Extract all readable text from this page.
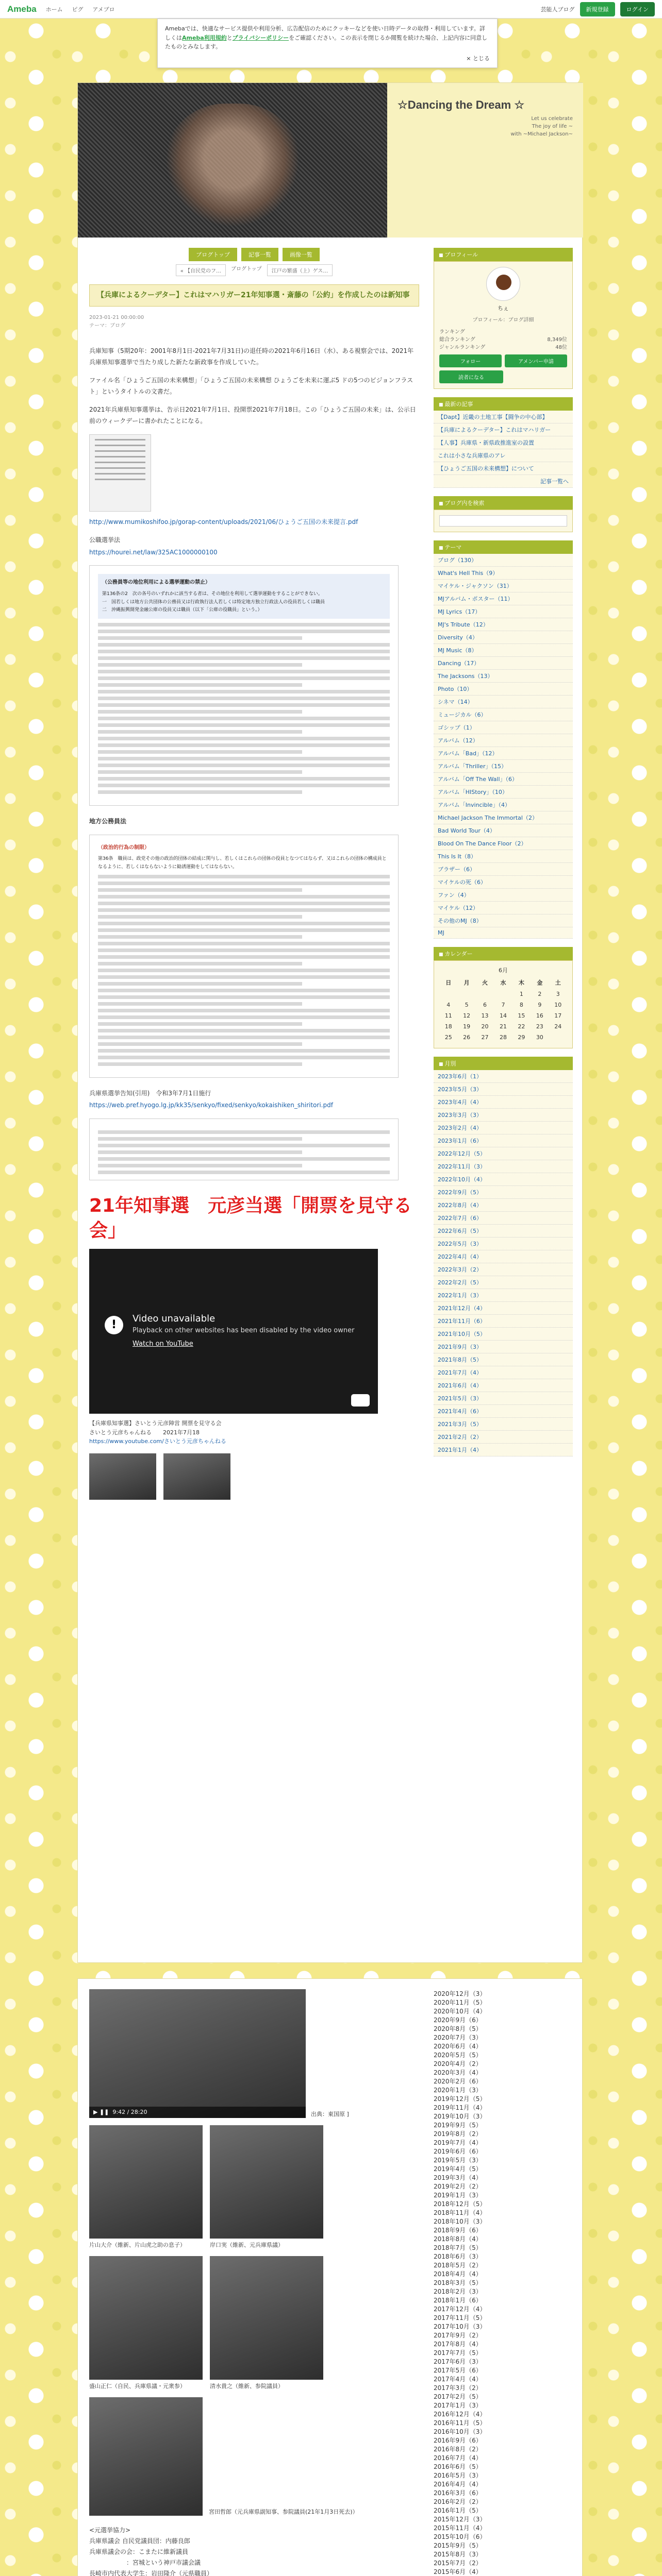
Ameba ホーム ピグ アメブロ	芸能人ブログ	新規登録	ログイン
Amebaでは、快適なサービス提供や利用分析、広告配信のためにクッキーなどを使い日時データの取得・利用しています。詳しくはAmeba利用規約とプライバシーポリシーをご確認ください。この表示を閉じるか閲覧を続けた場合、上記内容に同意したものとみなします。
× とじる
☆Dancing the Dream ☆
Let us celebrate
The joy of life ~
with ~Michael Jackson~
ブログトップ	記事一覧	画像一覧
« 【自民党のフ…	ブログトップ	江戸の繁盛（上）ゲス…
【兵庫によるクーデター】これはマハリガー21年知事選・斎藤の「公約」を作成したのは新知事
2023-01-21 00:00:00
テーマ：ブログ

兵庫知事（5期20年：2001年8月1日-2021年7月31日)の退任時の2021年6月16日（水）、ある視察会では、2021年兵庫県知事選挙で当たり成した新たな新政事を作成していた。

ファイル名「ひょうご五国の未来構想」「ひょうご五国の未来構想 ひょうごを未来に運ぶ5 ドの5つのビジョンフラスト」というタイトルの文書だ。

2021年兵庫県知事選挙は、告示日2021年7月1日、投開票2021年7月18日。この「ひょうご五国の未来」は、公示日前のウィークデーに書かれたことになる。

http://www.mumikoshifoo.jp/gorap-content/uploads/2021/06/ひょうご五国の未来提言.pdf

公職選挙法

https://hourei.net/law/325AC1000000100

（公務員等の地位利用による選挙運動の禁止）
第136条の2　次の各号のいずれかに該当する者は、その地位を利用して選挙運動をすることができない。
一　国若しくは地方公共団体の公務員又は行政執行法人若しくは特定地方独立行政法人の役員若しくは職員
二　沖縄振興開発金融公庫の役員又は職員（以下「公庫の役職員」という。）

地方公務員法

（政治的行為の制限）
第36条　職員は、政党その他の政治的団体の結成に関与し、若しくはこれらの団体の役員となつてはならず、又はこれらの団体の構成員となるように、若しくはならないように勧誘運動をしてはならない。

兵庫県選挙告知(引用)　令和3年7月1日施行

https://web.pref.hyogo.lg.jp/kk35/senkyo/fixed/senkyo/kokaishiken_shiritori.pdf

21年知事選　元彦当選「開票を見守る会」
!	Video unavailable
Playback on other websites has been disabled by the video owner
Watch on YouTube

【兵庫県知事選】さいとう元彦陣営 開票を見守る会
さいとう元彦ちゃんねる　　2021年7月18
https://www.youtube.com/さいとう元彦ちゃんねる

■ プロフィール
ちぇ
プロフィール：ブログ詳細
ランキング
総合ランキング	8,349位
ジャンルランキング	48位
フォロー	アメンバー申請
読者になる
■ 最新の記事
【Dapt】近畿の土地工事【闘争の中心部】
【兵庫によるクーデター】これはマハリガー
【人事】兵庫県・新県政推進室の設置
これは小さな兵庫県のアレ
【ひょうご五国の未来構想】について
記事一覧へ
■ ブログ内を検索
■ テーマ
ブログ（130）
What's Hell This（9）
マイケル・ジャクソン（31）
MJアルバム・ポスター（11）
MJ Lyrics（17）
MJ's Tribute（12）
Diversity（4）
MJ Music（8）
Dancing（17）
The Jacksons（13）
Photo（10）
シネマ（14）
ミュージカル（6）
ゴシップ（1）
アルバム（12）
アルバム「Bad」（12）
アルバム「Thriller」（15）
アルバム「Off The Wall」（6）
アルバム「HIStory」（10）
アルバム「Invincible」（4）
Michael Jackson The Immortal（2）
Bad World Tour（4）
Blood On The Dance Floor（2）
This Is It（8）
ブラザー（6）
マイケルの死（6）
ファン（4）
マイケル（12）
その他のMJ（8）
MJ
■ カレンダー
6月
日	月	火	水	木	金	土
				1	2	3
4	5	6	7	8	9	10
11	12	13	14	15	16	17
18	19	20	21	22	23	24
25	26	27	28	29	30	
■ 月別
2023年6月（1）
2023年5月（3）
2023年4月（4）
2023年3月（3）
2023年2月（4）
2023年1月（6）
2022年12月（5）
2022年11月（3）
2022年10月（4）
2022年9月（5）
2022年8月（4）
2022年7月（6）
2022年6月（5）
2022年5月（3）
2022年4月（4）
2022年3月（2）
2022年2月（5）
2022年1月（3）
2021年12月（4）
2021年11月（6）
2021年10月（5）
2021年9月（3）
2021年8月（5）
2021年7月（4）
2021年6月（4）
2021年5月（3）
2021年4月（6）
2021年3月（5）
2021年2月（2）
2021年1月（4）
▶ ❚❚ 9:42 / 28:20	出典：東国原 ]
片山大介（維新、片山虎之助の息子）	岸口実（維新、元兵庫県議）
盛山正仁（自民、兵庫県議・元衆参）	清水貴之（維新、参院議員）
宮田哲郎（元兵庫県副知事、参院議員(21年1月3日死去)）
<元選挙協力>
兵庫県議会 自民党議員団：内藤良郎
兵庫県議会の会：こまたに維新議員
　　　　　　：宮城という神戸市議会議
長崎市内代表大学生：岩田隆介（元県職員）

2020年12月（3）
2020年11月（5）
2020年10月（4）
2020年9月（6）
2020年8月（5）
2020年7月（3）
2020年6月（4）
2020年5月（5）
2020年4月（2）
2020年3月（4）
2020年2月（6）
2020年1月（3）
2019年12月（5）
2019年11月（4）
2019年10月（3）
2019年9月（5）
2019年8月（2）
2019年7月（4）
2019年6月（6）
2019年5月（3）
2019年4月（5）
2019年3月（4）
2019年2月（2）
2019年1月（3）
2018年12月（5）
2018年11月（4）
2018年10月（3）
2018年9月（6）
2018年8月（4）
2018年7月（5）
2018年6月（3）
2018年5月（2）
2018年4月（4）
2018年3月（5）
2018年2月（3）
2018年1月（6）
2017年12月（4）
2017年11月（5）
2017年10月（3）
2017年9月（2）
2017年8月（4）
2017年7月（5）
2017年6月（3）
2017年5月（6）
2017年4月（4）
2017年3月（2）
2017年2月（5）
2017年1月（3）
2016年12月（4）
2016年11月（5）
2016年10月（3）
2016年9月（6）
2016年8月（2）
2016年7月（4）
2016年6月（5）
2016年5月（3）
2016年4月（4）
2016年3月（6）
2016年2月（2）
2016年1月（5）
2015年12月（3）
2015年11月（4）
2015年10月（6）
2015年9月（5）
2015年8月（3）
2015年7月（2）
2015年6月（4）
